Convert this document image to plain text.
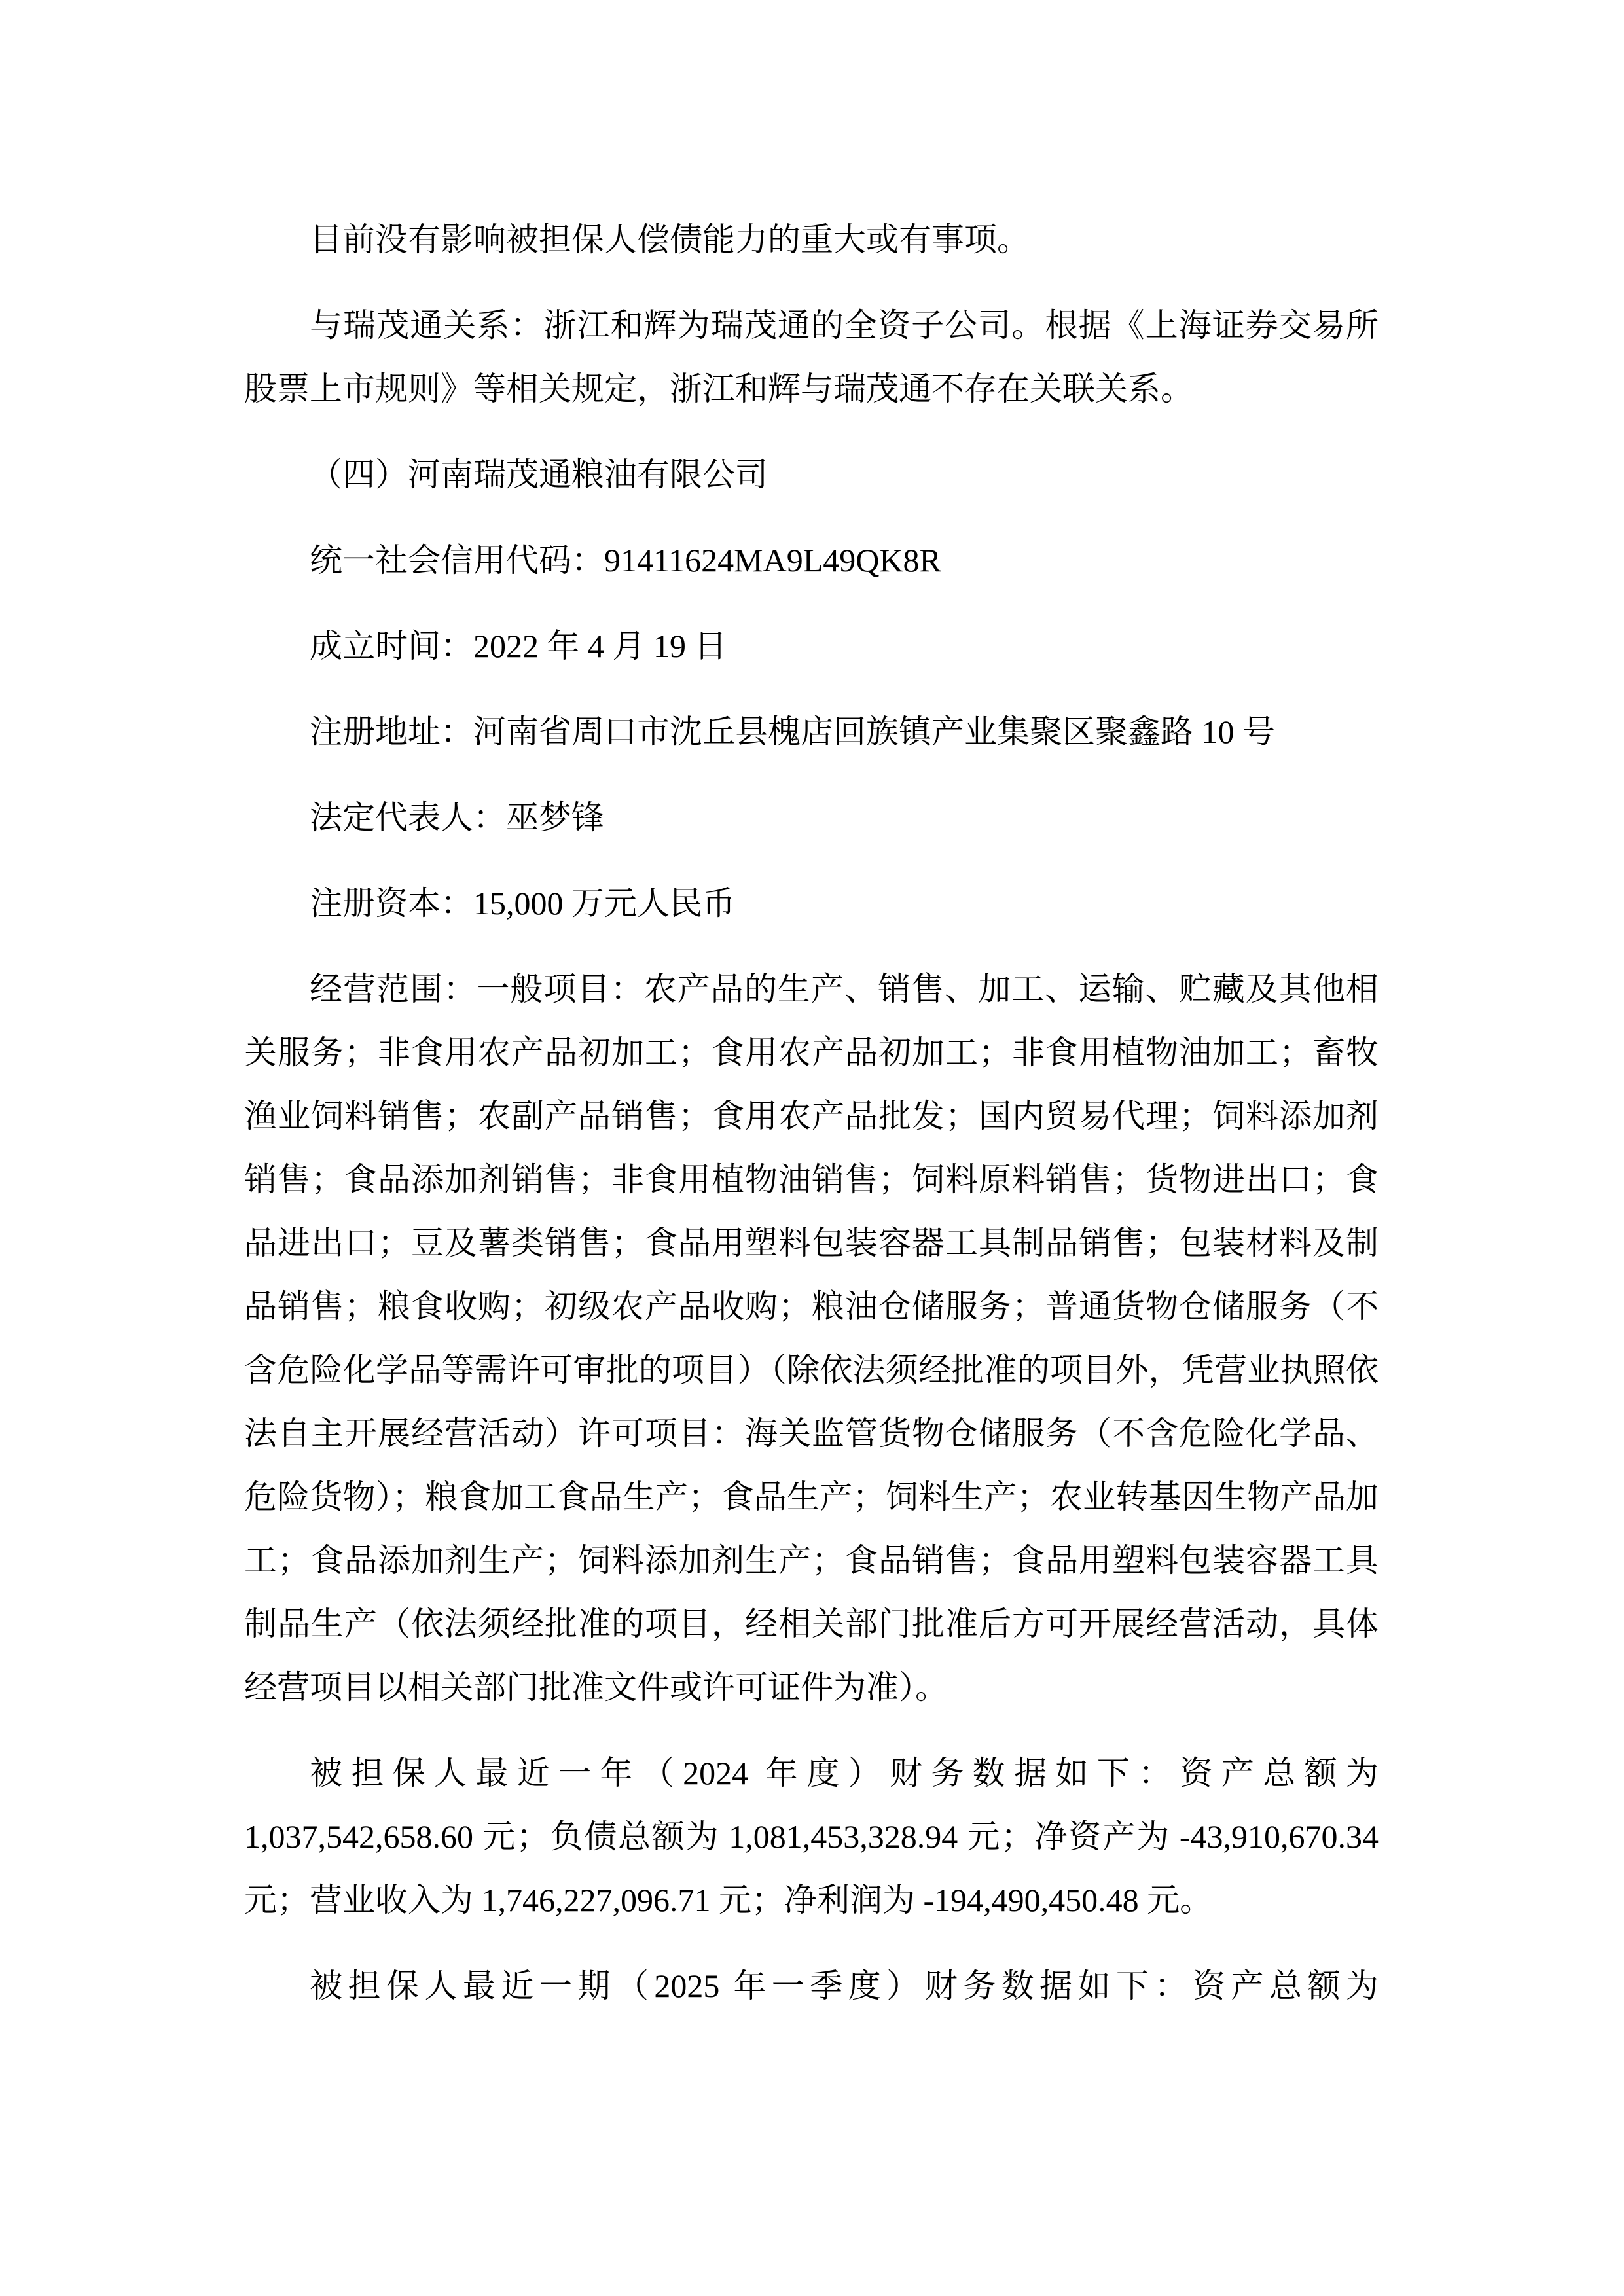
目前没有影响被担保人偿债能力的重大或有事项。

与瑞茂通关系：浙江和辉为瑞茂通的全资子公司。根据《上海证券交易所股票上市规则》等相关规定，浙江和辉与瑞茂通不存在关联关系。

（四）河南瑞茂通粮油有限公司

统一社会信用代码：91411624MA9L49QK8R

成立时间：2022 年 4 月 19 日

注册地址：河南省周口市沈丘县槐店回族镇产业集聚区聚鑫路 10 号

法定代表人：巫梦锋

注册资本：15,000 万元人民币

经营范围：一般项目：农产品的生产、销售、加工、运输、贮藏及其他相关服务；非食用农产品初加工；食用农产品初加工；非食用植物油加工；畜牧渔业饲料销售；农副产品销售；食用农产品批发；国内贸易代理；饲料添加剂销售；食品添加剂销售；非食用植物油销售；饲料原料销售；货物进出口；食品进出口；豆及薯类销售；食品用塑料包装容器工具制品销售；包装材料及制品销售；粮食收购；初级农产品收购；粮油仓储服务；普通货物仓储服务（不含危险化学品等需许可审批的项目）（除依法须经批准的项目外，凭营业执照依法自主开展经营活动）许可项目：海关监管货物仓储服务（不含危险化学品、危险货物）；粮食加工食品生产；食品生产；饲料生产；农业转基因生物产品加工；食品添加剂生产；饲料添加剂生产；食品销售；食品用塑料包装容器工具制品生产（依法须经批准的项目，经相关部门批准后方可开展经营活动，具体经营项目以相关部门批准文件或许可证件为准）。

被担保人最近一年（2024 年度）财务数据如下：资产总额为 1,037,542,658.60 元；负债总额为 1,081,453,328.94 元；净资产为 -43,910,670.34 元；营业收入为 1,746,227,096.71 元；净利润为 -194,490,450.48 元。

被担保人最近一期（2025 年一季度）财务数据如下：资产总额为
